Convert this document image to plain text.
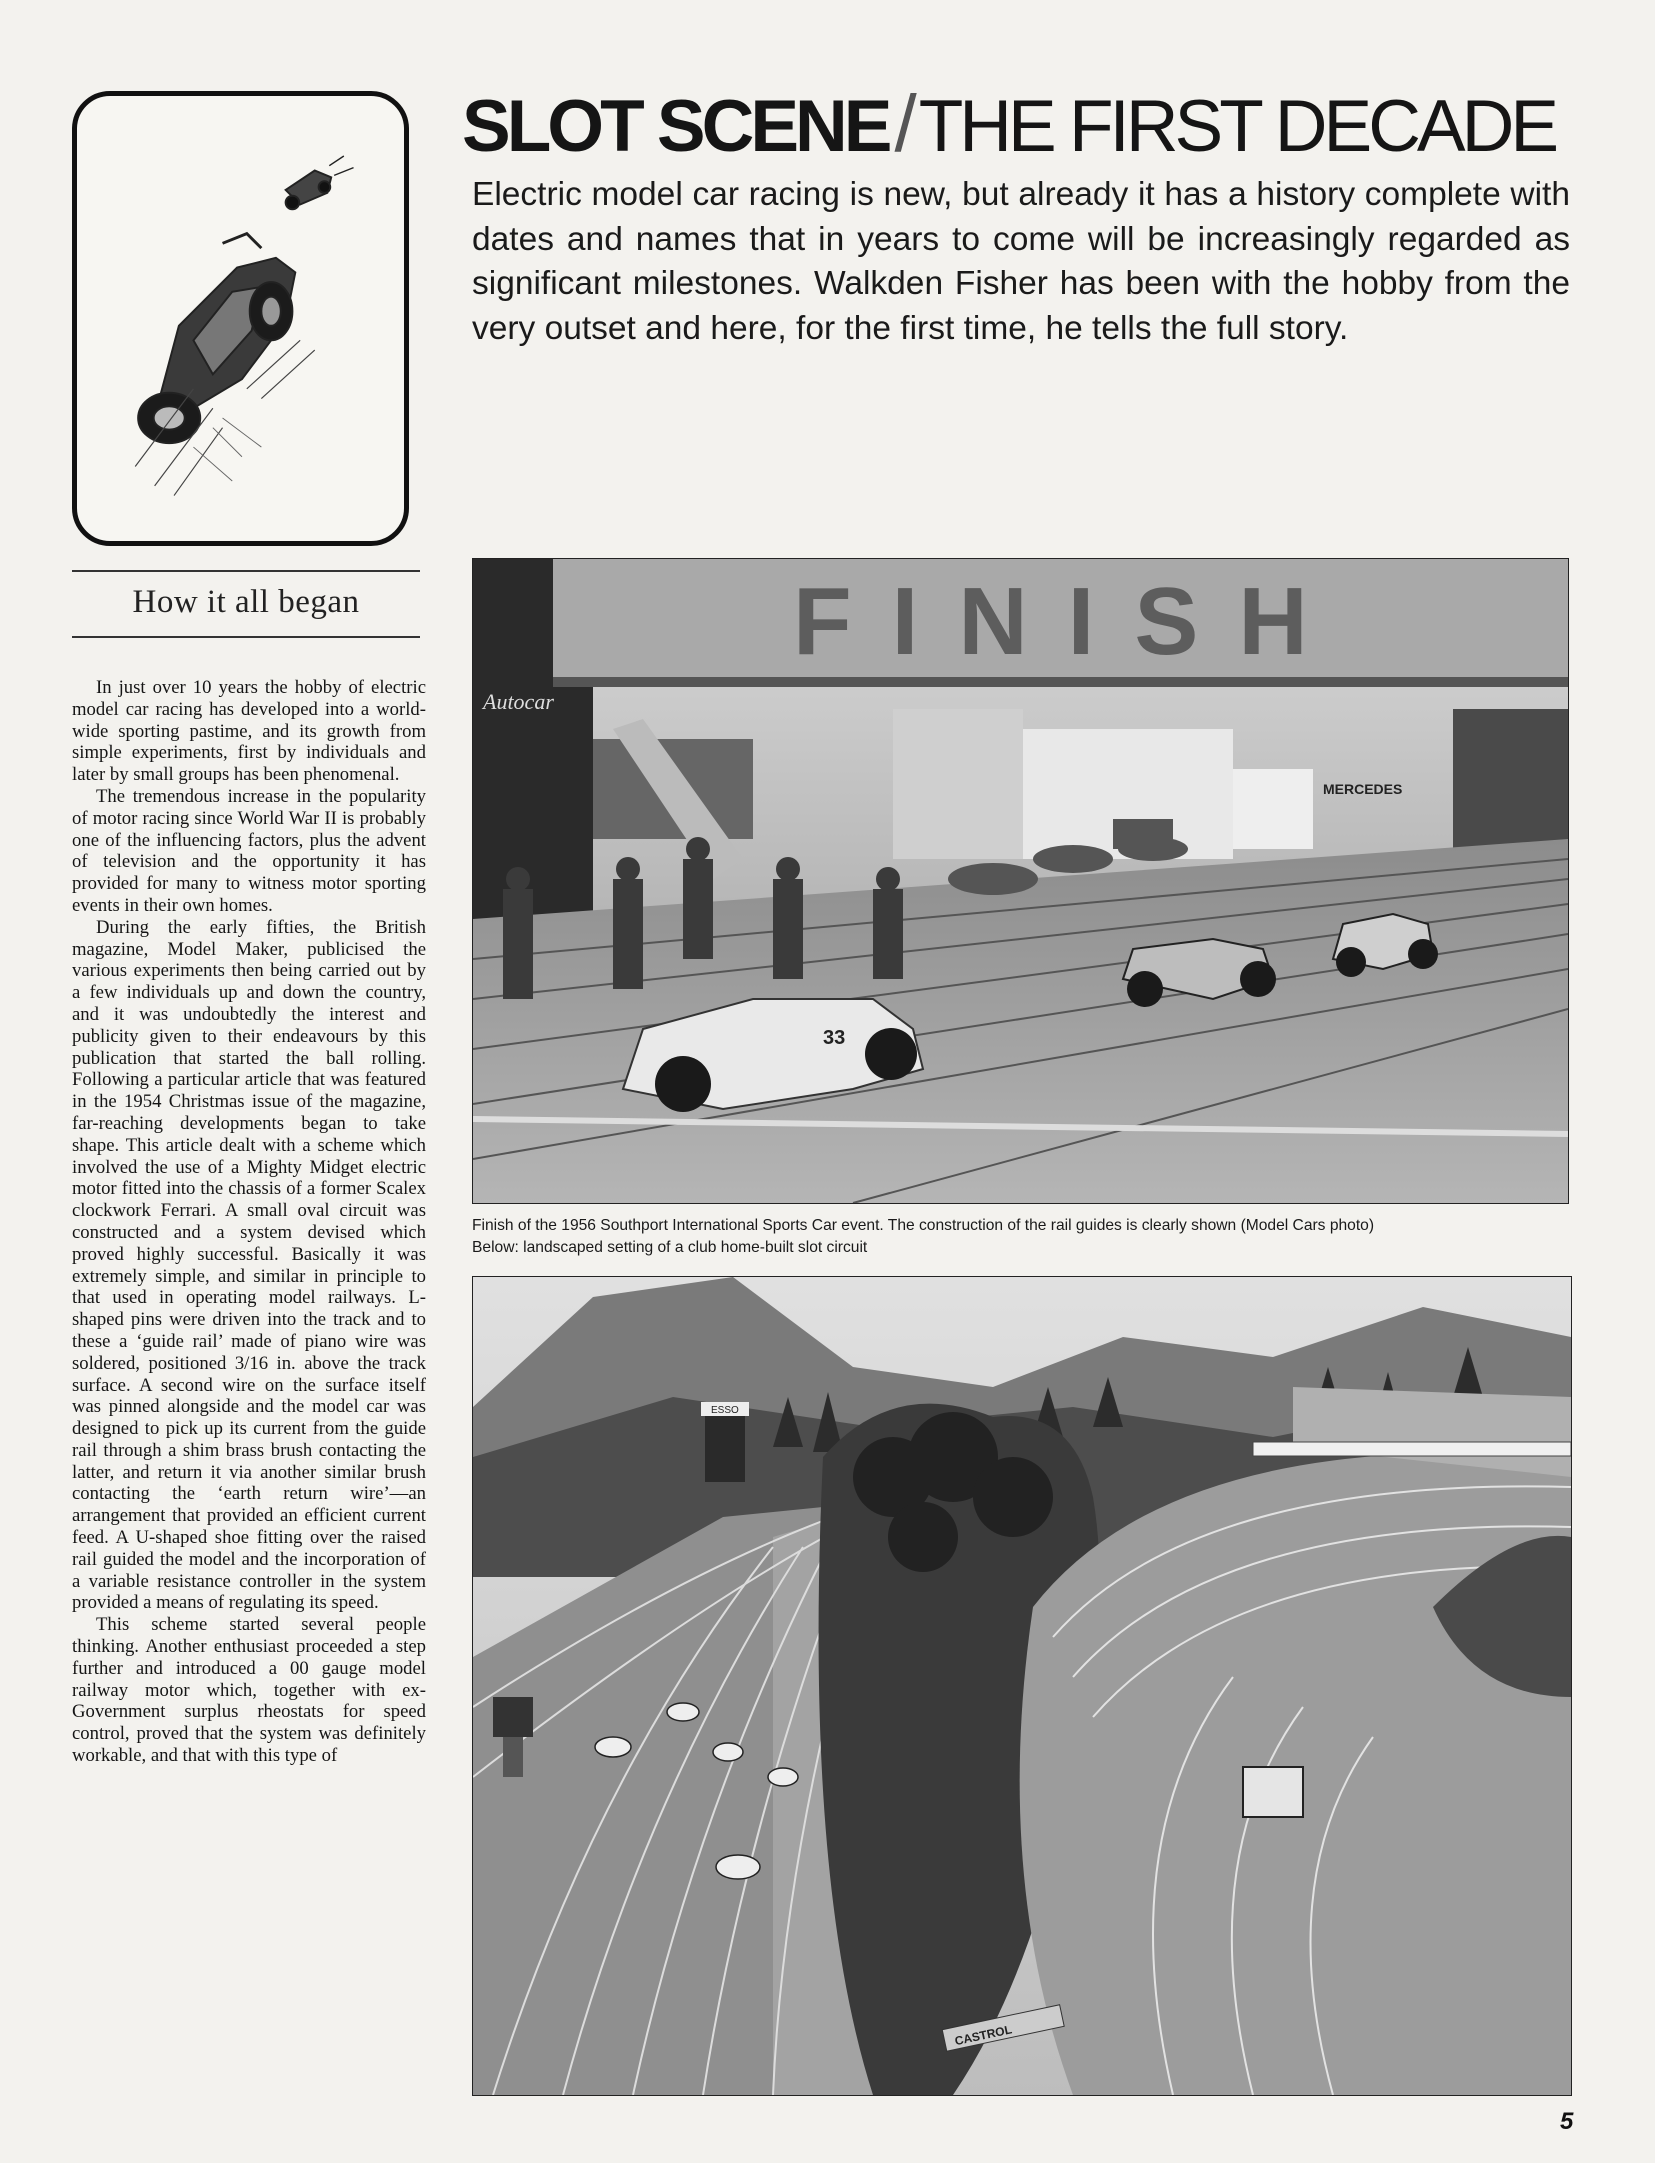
SLOT SCENE/THE FIRST DECADE
Electric model car racing is new, but already it has a history complete with dates and names that in years to come will be increasingly regarded as significant milestones. Walkden Fisher has been with the hobby from the very outset and here, for the first time, he tells the full story.
How it all began

In just over 10 years the hobby of electric model car racing has developed into a world-wide sporting pastime, and its growth from simple experiments, first by individuals and later by small groups has been phenomenal.

The tremendous increase in the popularity of motor racing since World War II is probably one of the influencing factors, plus the advent of television and the opportunity it has provided for many to witness motor sporting events in their own homes.

During the early fifties, the British magazine, Model Maker, publicised the various experiments then being carried out by a few individuals up and down the country, and it was undoubtedly the interest and publicity given to their endeavours by this publication that started the ball rolling. Following a particular article that was featured in the 1954 Christmas issue of the magazine, far-reaching developments began to take shape. This article dealt with a scheme which involved the use of a Mighty Midget electric motor fitted into the chassis of a former Scalex clockwork Ferrari. A small oval circuit was constructed and a system devised which proved highly successful. Basically it was extremely simple, and similar in principle to that used in operating model railways. L-shaped pins were driven into the track and to these a ‘guide rail’ made of piano wire was soldered, positioned 3/16 in. above the track surface. A second wire on the surface itself was pinned alongside and the model car was designed to pick up its current from the guide rail through a shim brass brush contacting the latter, and return it via another similar brush contacting the ‘earth return wire’—an arrangement that provided an efficient current feed. A U-shaped shoe fitting over the raised rail guided the model and the incorporation of a variable resistance controller in the system provided a means of regulating its speed.

This scheme started several people thinking. Another enthusiast proceeded a step further and introduced a 00 gauge model railway motor which, together with ex-Government surplus rheostats for speed control, proved that the system was definitely workable, and that with this type of

FINISH
Autocar
MERCEDES
33
Finish of the 1956 Southport International Sports Car event. The construction of the rail guides is clearly shown (Model Cars photo)
Below: landscaped setting of a club home-built slot circuit
ESSO
CASTROL
5
